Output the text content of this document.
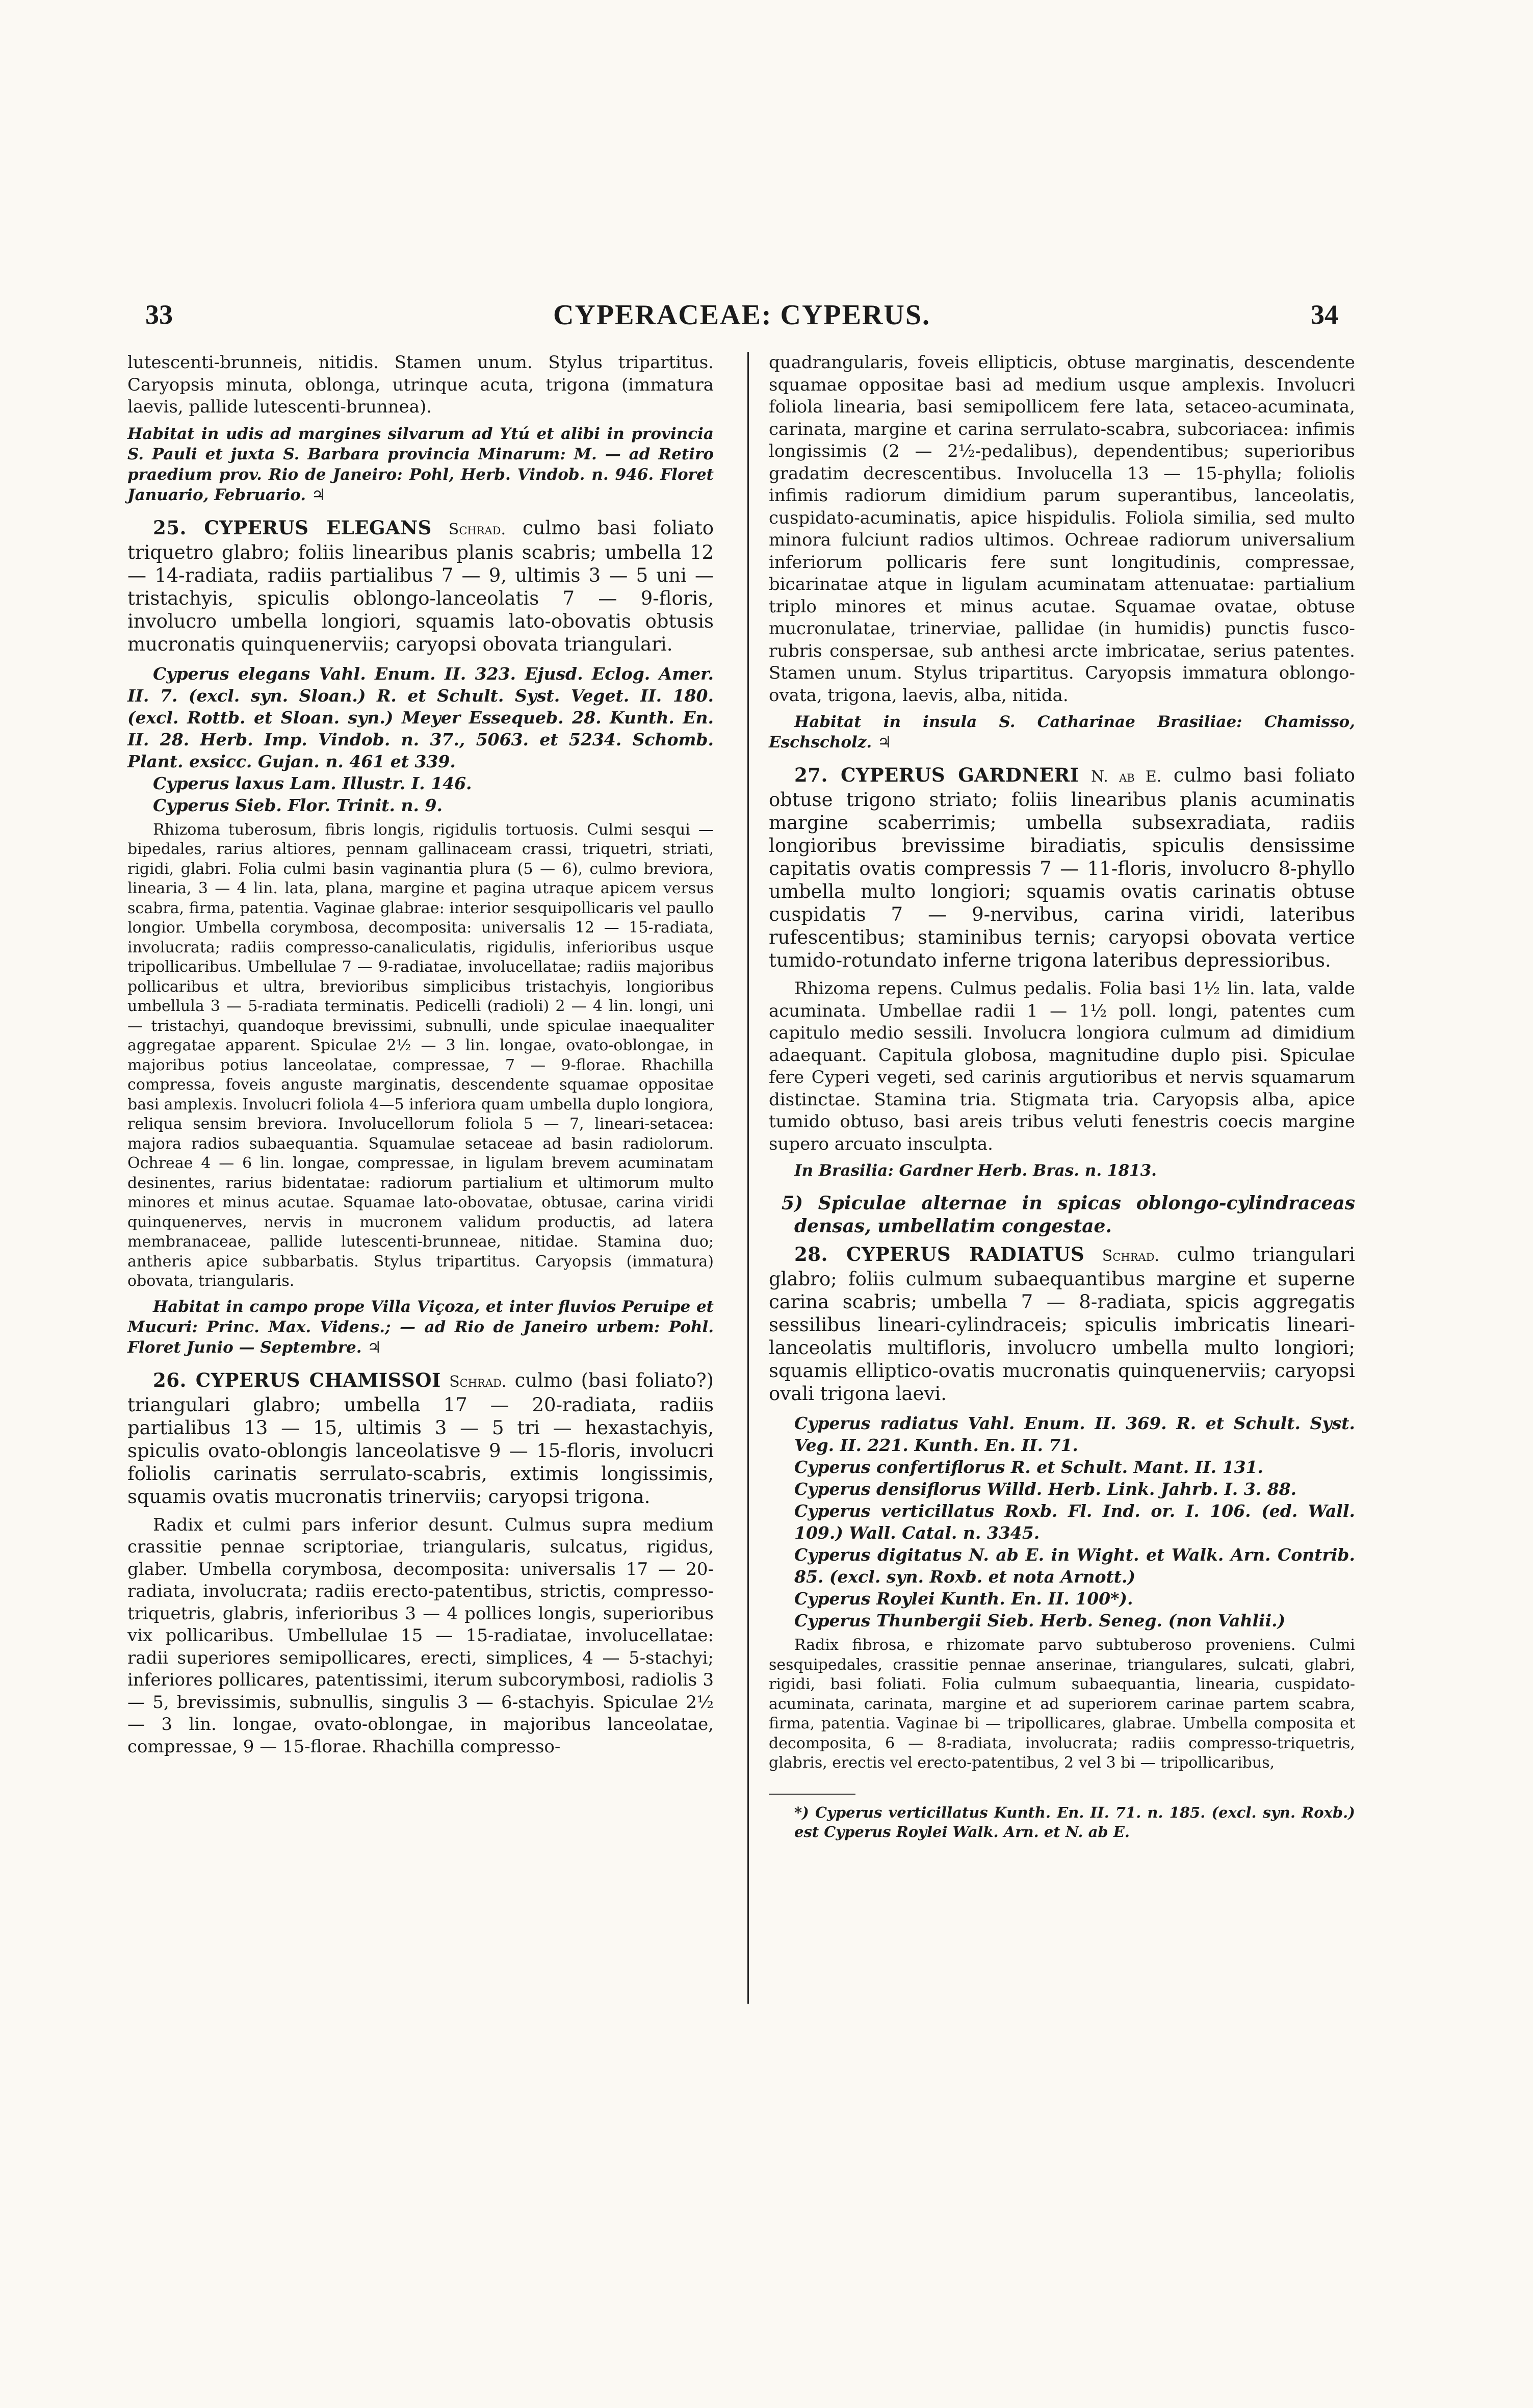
33	CYPERACEAE: CYPERUS.	34

lutescenti-brunneis, nitidis. Stamen unum. Stylus tripartitus. Caryopsis minuta, oblonga, utrinque acuta, trigona (immatura laevis, pallide lutescenti-brunnea).

Habitat in udis ad margines silvarum ad Ytú et alibi in provincia S. Pauli et juxta S. Barbara provincia Minarum: M. — ad Retiro praedium prov. Rio de Janeiro: Pohl, Herb. Vindob. n. 946. Floret Januario, Februario. ♃

25. CYPERUS ELEGANS Schrad. culmo basi foliato triquetro glabro; foliis linearibus planis scabris; umbella 12 — 14-radiata, radiis partialibus 7 — 9, ultimis 3 — 5 uni — tristachyis, spiculis oblongo-lanceolatis 7 — 9-floris, involucro umbella longiori, squamis lato-obovatis obtusis mucronatis quinquenerviis; caryopsi obovata triangulari.

Cyperus elegans Vahl. Enum. II. 323. Ejusd. Eclog. Amer. II. 7. (excl. syn. Sloan.) R. et Schult. Syst. Veget. II. 180. (excl. Rottb. et Sloan. syn.) Meyer Essequeb. 28. Kunth. En. II. 28. Herb. Imp. Vindob. n. 37., 5063. et 5234. Schomb. Plant. exsicc. Gujan. n. 461 et 339.

Cyperus laxus Lam. Illustr. I. 146.

Cyperus Sieb. Flor. Trinit. n. 9.

Rhizoma tuberosum, fibris longis, rigidulis tortuosis. Culmi sesqui — bipedales, rarius altiores, pennam gallinaceam crassi, triquetri, striati, rigidi, glabri. Folia culmi basin vaginantia plura (5 — 6), culmo breviora, linearia, 3 — 4 lin. lata, plana, margine et pagina utraque apicem versus scabra, firma, patentia. Vaginae glabrae: interior sesquipollicaris vel paullo longior. Umbella corymbosa, decomposita: universalis 12 — 15-radiata, involucrata; radiis compresso-canaliculatis, rigidulis, inferioribus usque tripollicaribus. Umbellulae 7 — 9-radiatae, involucellatae; radiis majoribus pollicaribus et ultra, brevioribus simplicibus tristachyis, longioribus umbellula 3 — 5-radiata terminatis. Pedicelli (radioli) 2 — 4 lin. longi, uni — tristachyi, quandoque brevissimi, subnulli, unde spiculae inaequaliter aggregatae apparent. Spiculae 2½ — 3 lin. longae, ovato-oblongae, in majoribus potius lanceolatae, compressae, 7 — 9-florae. Rhachilla compressa, foveis anguste marginatis, descendente squamae oppositae basi amplexis. Involucri foliola 4—5 inferiora quam umbella duplo longiora, reliqua sensim breviora. Involucellorum foliola 5 — 7, lineari-setacea: majora radios subaequantia. Squamulae setaceae ad basin radiolorum. Ochreae 4 — 6 lin. longae, compressae, in ligulam brevem acuminatam desinentes, rarius bidentatae: radiorum partialium et ultimorum multo minores et minus acutae. Squamae lato-obovatae, obtusae, carina viridi quinquenerves, nervis in mucronem validum productis, ad latera membranaceae, pallide lutescenti-brunneae, nitidae. Stamina duo; antheris apice subbarbatis. Stylus tripartitus. Caryopsis (immatura) obovata, triangularis.

Habitat in campo prope Villa Viçoza, et inter fluvios Peruipe et Mucuri: Princ. Max. Videns.; — ad Rio de Janeiro urbem: Pohl. Floret Junio — Septembre. ♃

26. CYPERUS CHAMISSOI Schrad. culmo (basi foliato?) triangulari glabro; umbella 17 — 20-radiata, radiis partialibus 13 — 15, ultimis 3 — 5 tri — hexastachyis, spiculis ovato-oblongis lanceolatisve 9 — 15-floris, involucri foliolis carinatis serrulato-scabris, extimis longissimis, squamis ovatis mucronatis trinerviis; caryopsi trigona.

Radix et culmi pars inferior desunt. Culmus supra medium crassitie pennae scriptoriae, triangularis, sulcatus, rigidus, glaber. Umbella corymbosa, decomposita: universalis 17 — 20-radiata, involucrata; radiis erecto-patentibus, strictis, compresso-triquetris, glabris, inferioribus 3 — 4 pollices longis, superioribus vix pollicaribus. Umbellulae 15 — 15-radiatae, involucellatae: radii superiores semipollicares, erecti, simplices, 4 — 5-stachyi; inferiores pollicares, patentissimi, iterum subcorymbosi, radiolis 3 — 5, brevissimis, subnullis, singulis 3 — 6-stachyis. Spiculae 2½ — 3 lin. longae, ovato-oblongae, in majoribus lanceolatae, compressae, 9 — 15-florae. Rhachilla compresso-

quadrangularis, foveis ellipticis, obtuse marginatis, descendente squamae oppositae basi ad medium usque amplexis. Involucri foliola linearia, basi semipollicem fere lata, setaceo-acuminata, carinata, margine et carina serrulato-scabra, subcoriacea: infimis longissimis (2 — 2½-pedalibus), dependentibus; superioribus gradatim decrescentibus. Involucella 13 — 15-phylla; foliolis infimis radiorum dimidium parum superantibus, lanceolatis, cuspidato-acuminatis, apice hispidulis. Foliola similia, sed multo minora fulciunt radios ultimos. Ochreae radiorum universalium inferiorum pollicaris fere sunt longitudinis, compressae, bicarinatae atque in ligulam acuminatam attenuatae: partialium triplo minores et minus acutae. Squamae ovatae, obtuse mucronulatae, trinerviae, pallidae (in humidis) punctis fusco-rubris conspersae, sub anthesi arcte imbricatae, serius patentes. Stamen unum. Stylus tripartitus. Caryopsis immatura oblongo-ovata, trigona, laevis, alba, nitida.

Habitat in insula S. Catharinae Brasiliae: Chamisso, Eschscholz. ♃

27. CYPERUS GARDNERI N. ab E. culmo basi foliato obtuse trigono striato; foliis linearibus planis acuminatis margine scaberrimis; umbella subsexradiata, radiis longioribus brevissime biradiatis, spiculis densissime capitatis ovatis compressis 7 — 11-floris, involucro 8-phyllo umbella multo longiori; squamis ovatis carinatis obtuse cuspidatis 7 — 9-nervibus, carina viridi, lateribus rufescentibus; staminibus ternis; caryopsi obovata vertice tumido-rotundato inferne trigona lateribus depressioribus.

Rhizoma repens. Culmus pedalis. Folia basi 1½ lin. lata, valde acuminata. Umbellae radii 1 — 1½ poll. longi, patentes cum capitulo medio sessili. Involucra longiora culmum ad dimidium adaequant. Capitula globosa, magnitudine duplo pisi. Spiculae fere Cyperi vegeti, sed carinis argutioribus et nervis squamarum distinctae. Stamina tria. Stigmata tria. Caryopsis alba, apice tumido obtuso, basi areis tribus veluti fenestris coecis margine supero arcuato insculpta.

In Brasilia: Gardner Herb. Bras. n. 1813.

5) Spiculae alternae in spicas oblongo-cylindraceas densas, umbellatim congestae.

28. CYPERUS RADIATUS Schrad. culmo triangulari glabro; foliis culmum subaequantibus margine et superne carina scabris; umbella 7 — 8-radiata, spicis aggregatis sessilibus lineari-cylindraceis; spiculis imbricatis lineari-lanceolatis multifloris, involucro umbella multo longiori; squamis elliptico-ovatis mucronatis quinquenerviis; caryopsi ovali trigona laevi.

Cyperus radiatus Vahl. Enum. II. 369. R. et Schult. Syst. Veg. II. 221. Kunth. En. II. 71.

Cyperus confertiflorus R. et Schult. Mant. II. 131.

Cyperus densiflorus Willd. Herb. Link. Jahrb. I. 3. 88.

Cyperus verticillatus Roxb. Fl. Ind. or. I. 106. (ed. Wall. 109.) Wall. Catal. n. 3345.

Cyperus digitatus N. ab E. in Wight. et Walk. Arn. Contrib. 85. (excl. syn. Roxb. et nota Arnott.)

Cyperus Roylei Kunth. En. II. 100*).

Cyperus Thunbergii Sieb. Herb. Seneg. (non Vahlii.)

Radix fibrosa, e rhizomate parvo subtuberoso proveniens. Culmi sesquipedales, crassitie pennae anserinae, triangulares, sulcati, glabri, rigidi, basi foliati. Folia culmum subaequantia, linearia, cuspidato-acuminata, carinata, margine et ad superiorem carinae partem scabra, firma, patentia. Vaginae bi — tripollicares, glabrae. Umbella composita et decomposita, 6 — 8-radiata, involucrata; radiis compresso-triquetris, glabris, erectis vel erecto-patentibus, 2 vel 3 bi — tripollicaribus,

*) Cyperus verticillatus Kunth. En. II. 71. n. 185. (excl. syn. Roxb.) est Cyperus Roylei Walk. Arn. et N. ab E.
